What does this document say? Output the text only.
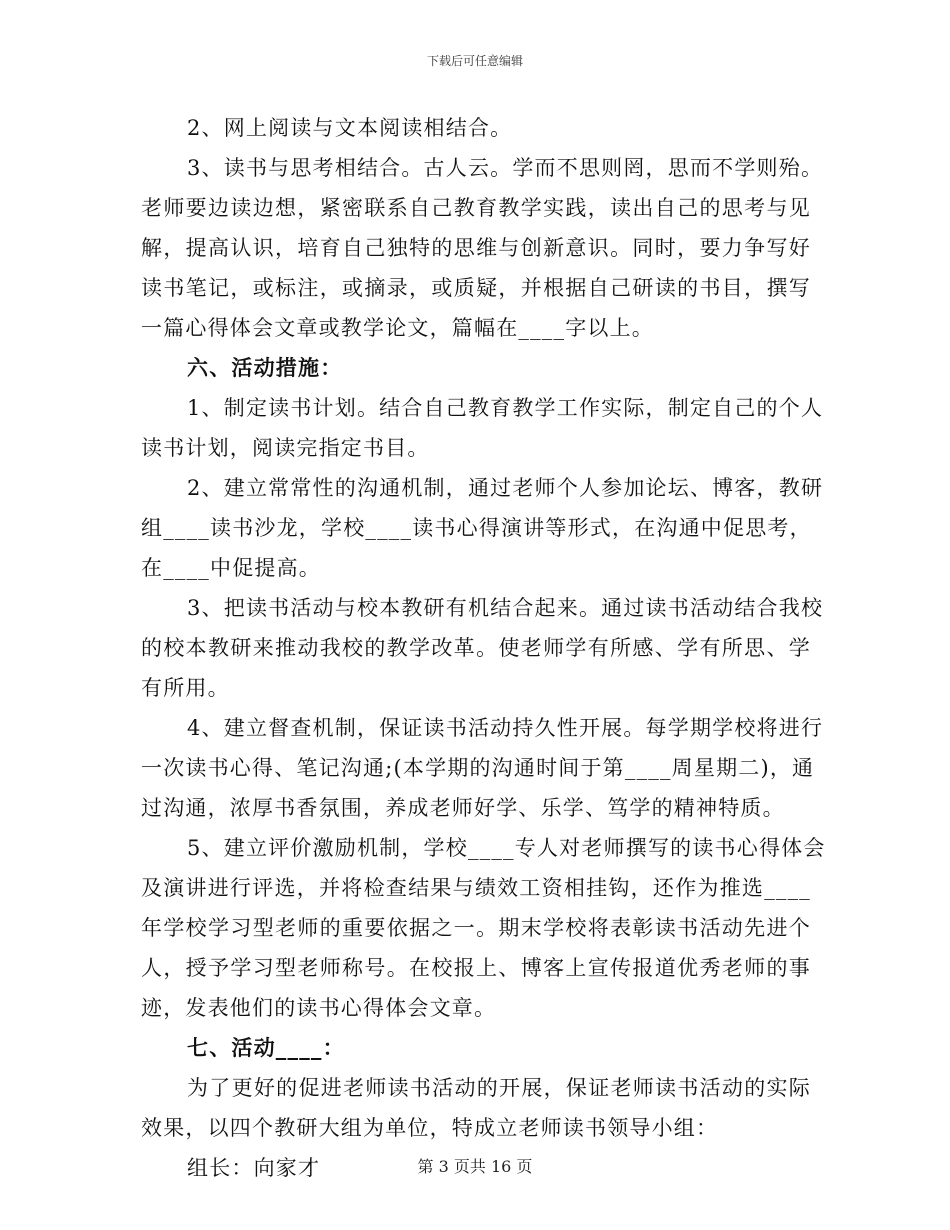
下载后可任意编辑
2、网上阅读与文本阅读相结合。
3、读书与思考相结合。古人云。学而不思则罔，思而不学则殆。
老师要边读边想，紧密联系自己教育教学实践，读出自己的思考与见
解，提高认识，培育自己独特的思维与创新意识。同时，要力争写好
读书笔记，或标注，或摘录，或质疑，并根据自己研读的书目，撰写
一篇心得体会文章或教学论文，篇幅在____字以上。
六、活动措施：
1、制定读书计划。结合自己教育教学工作实际，制定自己的个人
读书计划，阅读完指定书目。
2、建立常常性的沟通机制，通过老师个人参加论坛、博客，教研
组____读书沙龙，学校____读书心得演讲等形式，在沟通中促思考，
在____中促提高。
3、把读书活动与校本教研有机结合起来。通过读书活动结合我校
的校本教研来推动我校的教学改革。使老师学有所感、学有所思、学
有所用。
4、建立督查机制，保证读书活动持久性开展。每学期学校将进行
一次读书心得、笔记沟通;(本学期的沟通时间于第____周星期二)，通
过沟通，浓厚书香氛围，养成老师好学、乐学、笃学的精神特质。
5、建立评价激励机制，学校____专人对老师撰写的读书心得体会
及演讲进行评选，并将检查结果与绩效工资相挂钩，还作为推选____
年学校学习型老师的重要依据之一。期末学校将表彰读书活动先进个
人，授予学习型老师称号。在校报上、博客上宣传报道优秀老师的事
迹，发表他们的读书心得体会文章。
七、活动____：
为了更好的促进老师读书活动的开展，保证老师读书活动的实际
效果，以四个教研大组为单位，特成立老师读书领导小组：
组长：向家才	第 3 页共 16 页
